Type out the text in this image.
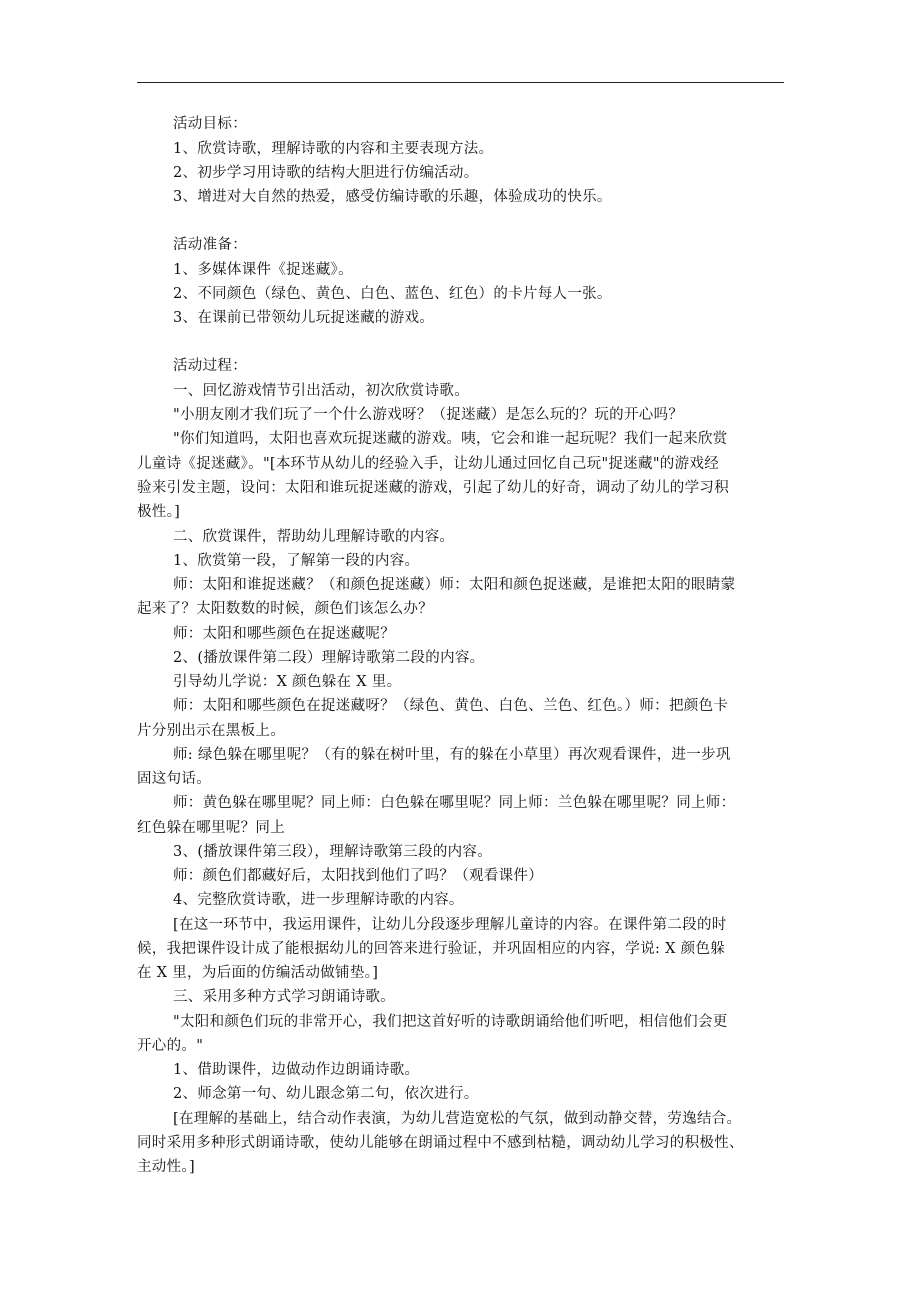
活动目标：
1、欣赏诗歌，理解诗歌的内容和主要表现方法。
2、初步学习用诗歌的结构大胆进行仿编活动。
3、增进对大自然的热爱，感受仿编诗歌的乐趣，体验成功的快乐。
活动准备：
1、多媒体课件《捉迷藏》。
2、不同颜色（绿色、黄色、白色、蓝色、红色）的卡片每人一张。
3、在课前已带领幼儿玩捉迷藏的游戏。
活动过程：
一、回忆游戏情节引出活动，初次欣赏诗歌。
"小朋友刚才我们玩了一个什么游戏呀？（捉迷藏）是怎么玩的？玩的开心吗？
"你们知道吗，太阳也喜欢玩捉迷藏的游戏。咦，它会和谁一起玩呢？我们一起来欣赏
儿童诗《捉迷藏》。"[本环节从幼儿的经验入手，让幼儿通过回忆自己玩"捉迷藏"的游戏经
验来引发主题，设问：太阳和谁玩捉迷藏的游戏，引起了幼儿的好奇，调动了幼儿的学习积
极性。]
二、欣赏课件，帮助幼儿理解诗歌的内容。
1、欣赏第一段，了解第一段的内容。
师：太阳和谁捉迷藏？（和颜色捉迷藏）师：太阳和颜色捉迷藏，是谁把太阳的眼睛蒙
起来了？太阳数数的时候，颜色们该怎么办？
师：太阳和哪些颜色在捉迷藏呢？
2、(播放课件第二段）理解诗歌第二段的内容。
引导幼儿学说：X 颜色躲在 X 里。
师：太阳和哪些颜色在捉迷藏呀？（绿色、黄色、白色、兰色、红色。）师：把颜色卡
片分别出示在黑板上。
师: 绿色躲在哪里呢？（有的躲在树叶里，有的躲在小草里）再次观看课件，进一步巩
固这句话。
师：黄色躲在哪里呢？同上师：白色躲在哪里呢？同上师：兰色躲在哪里呢？同上师：
红色躲在哪里呢？同上
3、(播放课件第三段），理解诗歌第三段的内容。
师：颜色们都藏好后，太阳找到他们了吗？（观看课件）
4、完整欣赏诗歌，进一步理解诗歌的内容。
[在这一环节中，我运用课件，让幼儿分段逐步理解儿童诗的内容。在课件第二段的时
候，我把课件设计成了能根据幼儿的回答来进行验证，并巩固相应的内容，学说: X 颜色躲
在 X 里，为后面的仿编活动做铺垫。]
三、采用多种方式学习朗诵诗歌。
"太阳和颜色们玩的非常开心，我们把这首好听的诗歌朗诵给他们听吧，相信他们会更
开心的。"
1、借助课件，边做动作边朗诵诗歌。
2、师念第一句、幼儿跟念第二句，依次进行。
[在理解的基础上，结合动作表演，为幼儿营造宽松的气氛，做到动静交替，劳逸结合。
同时采用多种形式朗诵诗歌，使幼儿能够在朗诵过程中不感到枯糙，调动幼儿学习的积极性、
主动性。]
